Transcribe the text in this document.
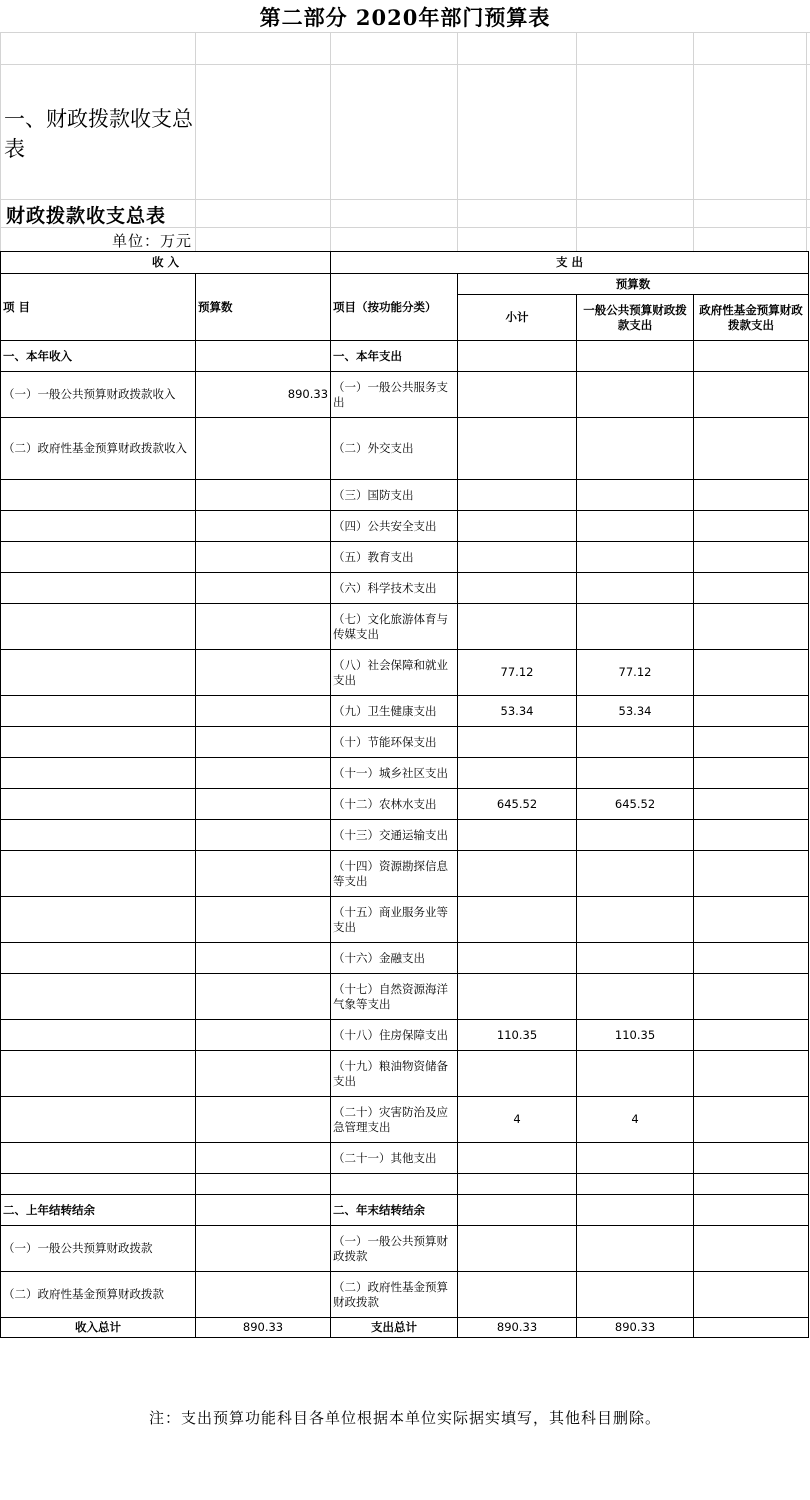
第二部分 2020年部门预算表
一、财政拨款收支总表
财政拨款收支总表
单位：万元
收 入		支 出			
项 目	预算数	项目（按功能分类）	预算数		
			小计	一般公共预算财政拨款支出	政府性基金预算财政拨款支出
一、本年收入		一、本年支出			
（一）一般公共预算财政拨款收入	890.33	（一）一般公共服务支出			
（二）政府性基金预算财政拨款收入		（二）外交支出			
		（三）国防支出			
		（四）公共安全支出			
		（五）教育支出			
		（六）科学技术支出			
		（七）文化旅游体育与传媒支出			
		（八）社会保障和就业支出	77.12	77.12	
		（九）卫生健康支出	53.34	53.34	
		（十）节能环保支出			
		（十一）城乡社区支出			
		（十二）农林水支出	645.52	645.52	
		（十三）交通运输支出			
		（十四）资源勘探信息等支出			
		（十五）商业服务业等支出			
		（十六）金融支出			
		（十七）自然资源海洋气象等支出			
		（十八）住房保障支出	110.35	110.35	
		（十九）粮油物资储备支出			
		（二十）灾害防治及应急管理支出	4	4	
		（二十一）其他支出			

二、上年结转结余		二、年末结转结余			
（一）一般公共预算财政拨款		（一）一般公共预算财政拨款			
（二）政府性基金预算财政拨款		（二）政府性基金预算财政拨款			
收入总计	890.33	支出总计	890.33	890.33	
注：支出预算功能科目各单位根据本单位实际据实填写，其他科目删除。
